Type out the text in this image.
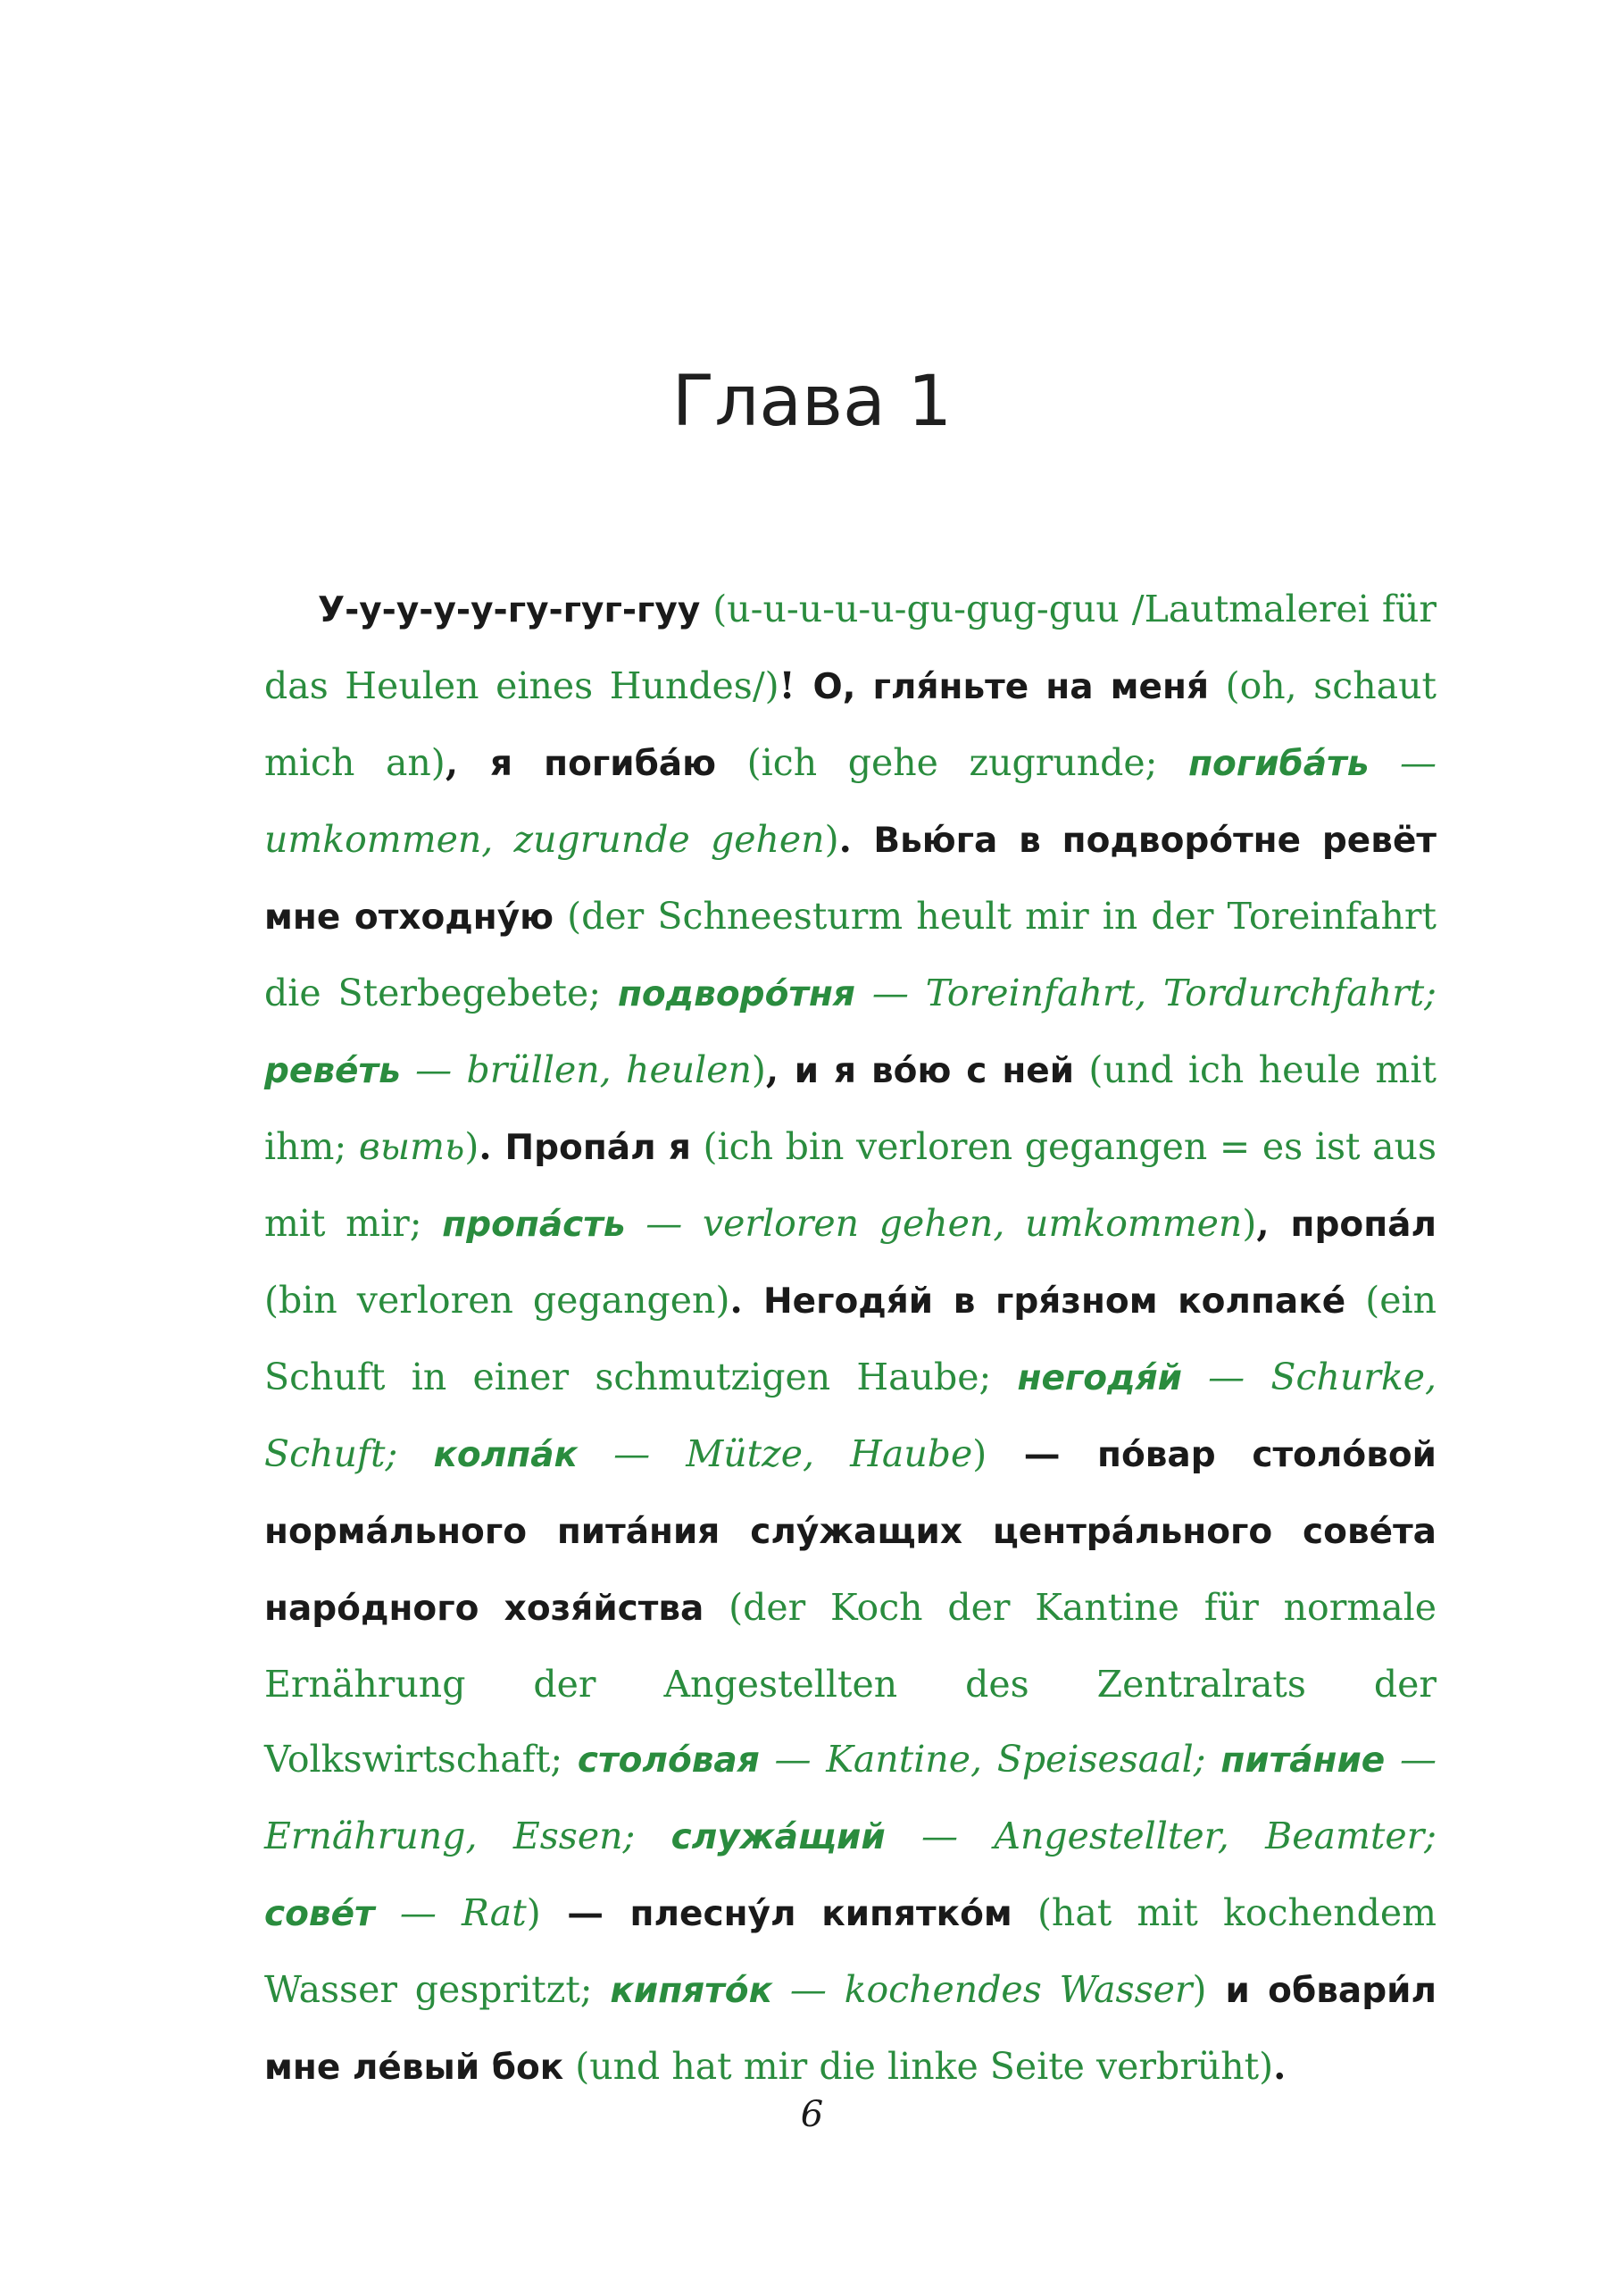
Глава 1

У-у-у-у-у-гу-гуг-гуу (u-u-u-u-u-gu-gug-guu /Lautmalerei für das Heulen eines Hundes/)! О, гля́ньте на меня́ (oh, schaut mich an), я погиба́ю (ich gehe zugrunde; погиба́ть — umkommen, zugrunde gehen). Вью́га в подворо́тне ревёт мне отходну́ю (der Schneesturm heult mir in der Toreinfahrt die Sterbegebete; подворо́тня — Toreinfahrt, Tordurchfahrt; реве́ть — brüllen, heulen), и я во́ю с ней (und ich heule mit ihm; выть). Пропа́л я (ich bin verloren gegangen = es ist aus mit mir; пропа́сть — verloren gehen, umkommen), пропа́л (bin verloren gegangen). Негодя́й в гря́зном колпаке́ (ein Schuft in einer schmutzigen Haube; негодя́й — Schurke, Schuft; колпа́к — Mütze, Haube) — по́вар столо́вой норма́льного пита́ния слу́жащих центра́льного сове́та наро́дного хозя́йства (der Koch der Kantine für normale Ernährung der Angestellten des Zentralrats der Volkswirtschaft; столо́вая — Kantine, Speisesaal; пита́ние — Ernährung, Essen; служа́щий — Angestellter, Beamter; сове́т — Rat) — плесну́л кипятко́м (hat mit kochendem Wasser gespritzt; кипято́к — kochendes Wasser) и обвари́л мне ле́вый бок (und hat mir die linke Seite verbrüht).

6
